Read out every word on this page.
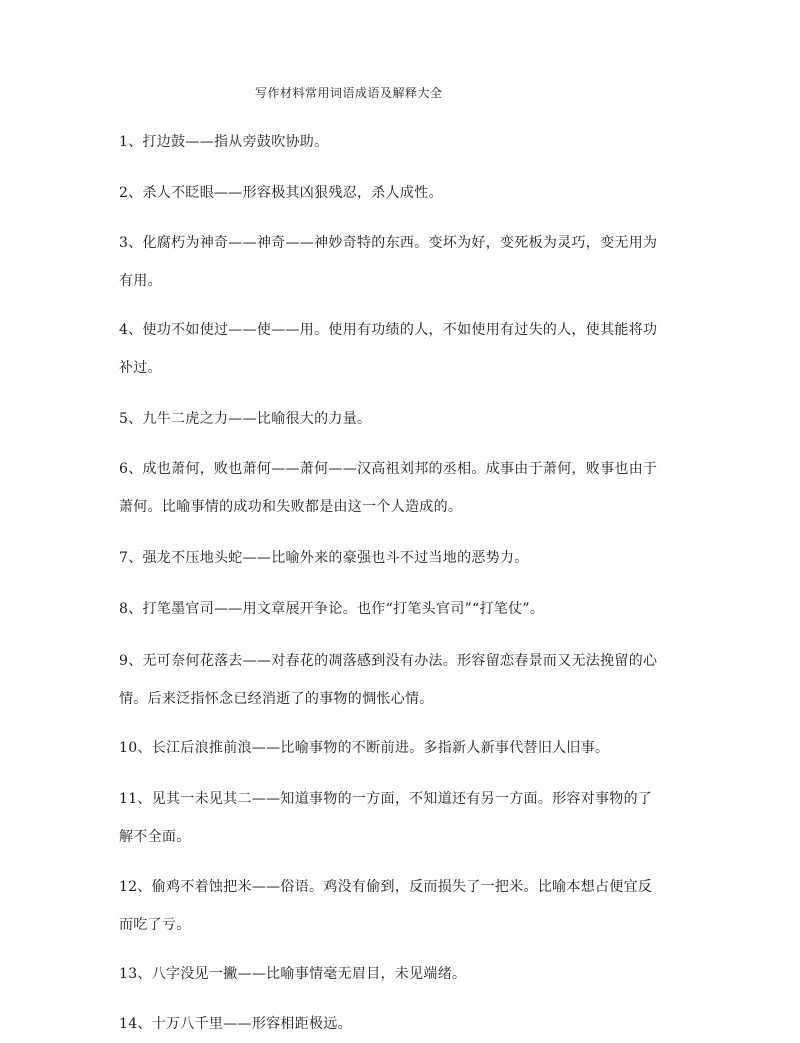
写作材料常用词语成语及解释大全

1、打边鼓——指从旁鼓吹协助。

2、杀人不眨眼——形容极其凶狠残忍，杀人成性。

3、化腐朽为神奇——神奇——神妙奇特的东西。变坏为好，变死板为灵巧，变无用为

有用。

4、使功不如使过——使——用。使用有功绩的人，不如使用有过失的人，使其能将功

补过。

5、九牛二虎之力——比喻很大的力量。

6、成也萧何，败也萧何——萧何——汉高祖刘邦的丞相。成事由于萧何，败事也由于

萧何。比喻事情的成功和失败都是由这一个人造成的。

7、强龙不压地头蛇——比喻外来的豪强也斗不过当地的恶势力。

8、打笔墨官司——用文章展开争论。也作“打笔头官司”“打笔仗”。

9、无可奈何花落去——对春花的凋落感到没有办法。形容留恋春景而又无法挽留的心

情。后来泛指怀念已经消逝了的事物的惆怅心情。

10、长江后浪推前浪——比喻事物的不断前进。多指新人新事代替旧人旧事。

11、见其一未见其二——知道事物的一方面，不知道还有另一方面。形容对事物的了

解不全面。

12、偷鸡不着蚀把米——俗语。鸡没有偷到，反而损失了一把米。比喻本想占便宜反

而吃了亏。

13、八字没见一撇——比喻事情毫无眉目，未见端绪。

14、十万八千里——形容相距极远。
